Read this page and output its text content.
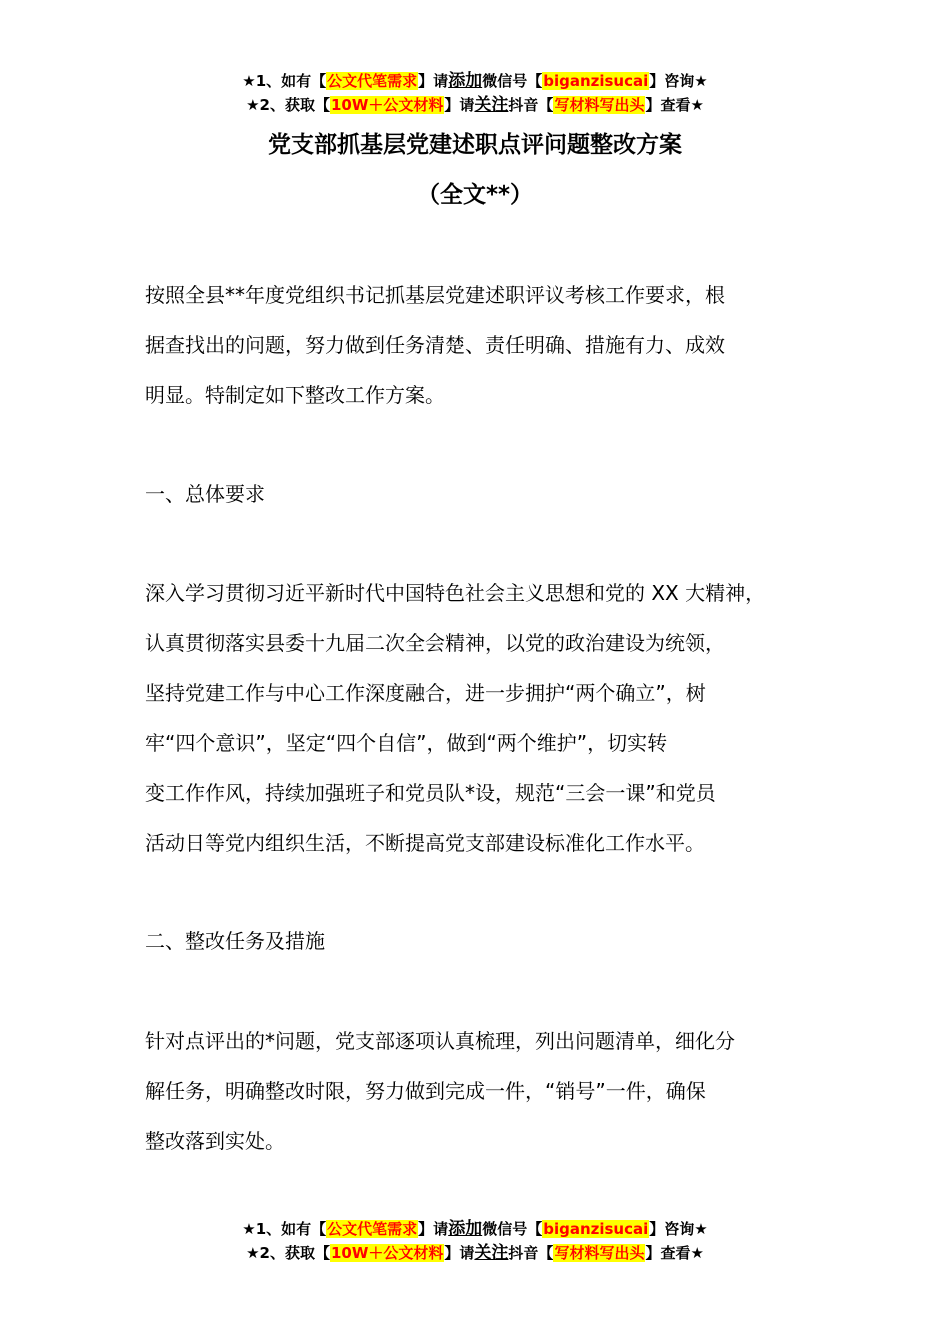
★1、如有【公文代笔需求】请添加微信号【biganzisucai】咨询★
★2、获取【10W＋公文材料】请关注抖音【写材料写出头】查看★
党支部抓基层党建述职点评问题整改方案
（全文**）
按照全县**年度党组织书记抓基层党建述职评议考核工作要求，根
据查找出的问题，努力做到任务清楚、责任明确、措施有力、成效
明显。特制定如下整改工作方案。
一、总体要求
深入学习贯彻习近平新时代中国特色社会主义思想和党的 XX 大精神，
认真贯彻落实县委十九届二次全会精神，以党的政治建设为统领，
坚持党建工作与中心工作深度融合，进一步拥护“两个确立”，树
牢“四个意识”，坚定“四个自信”，做到“两个维护”，切实转
变工作作风，持续加强班子和党员队*设，规范“三会一课”和党员
活动日等党内组织生活，不断提高党支部建设标准化工作水平。
二、整改任务及措施
针对点评出的*问题，党支部逐项认真梳理，列出问题清单，细化分
解任务，明确整改时限，努力做到完成一件，“销号”一件，确保
整改落到实处。
★1、如有【公文代笔需求】请添加微信号【biganzisucai】咨询★
★2、获取【10W＋公文材料】请关注抖音【写材料写出头】查看★
